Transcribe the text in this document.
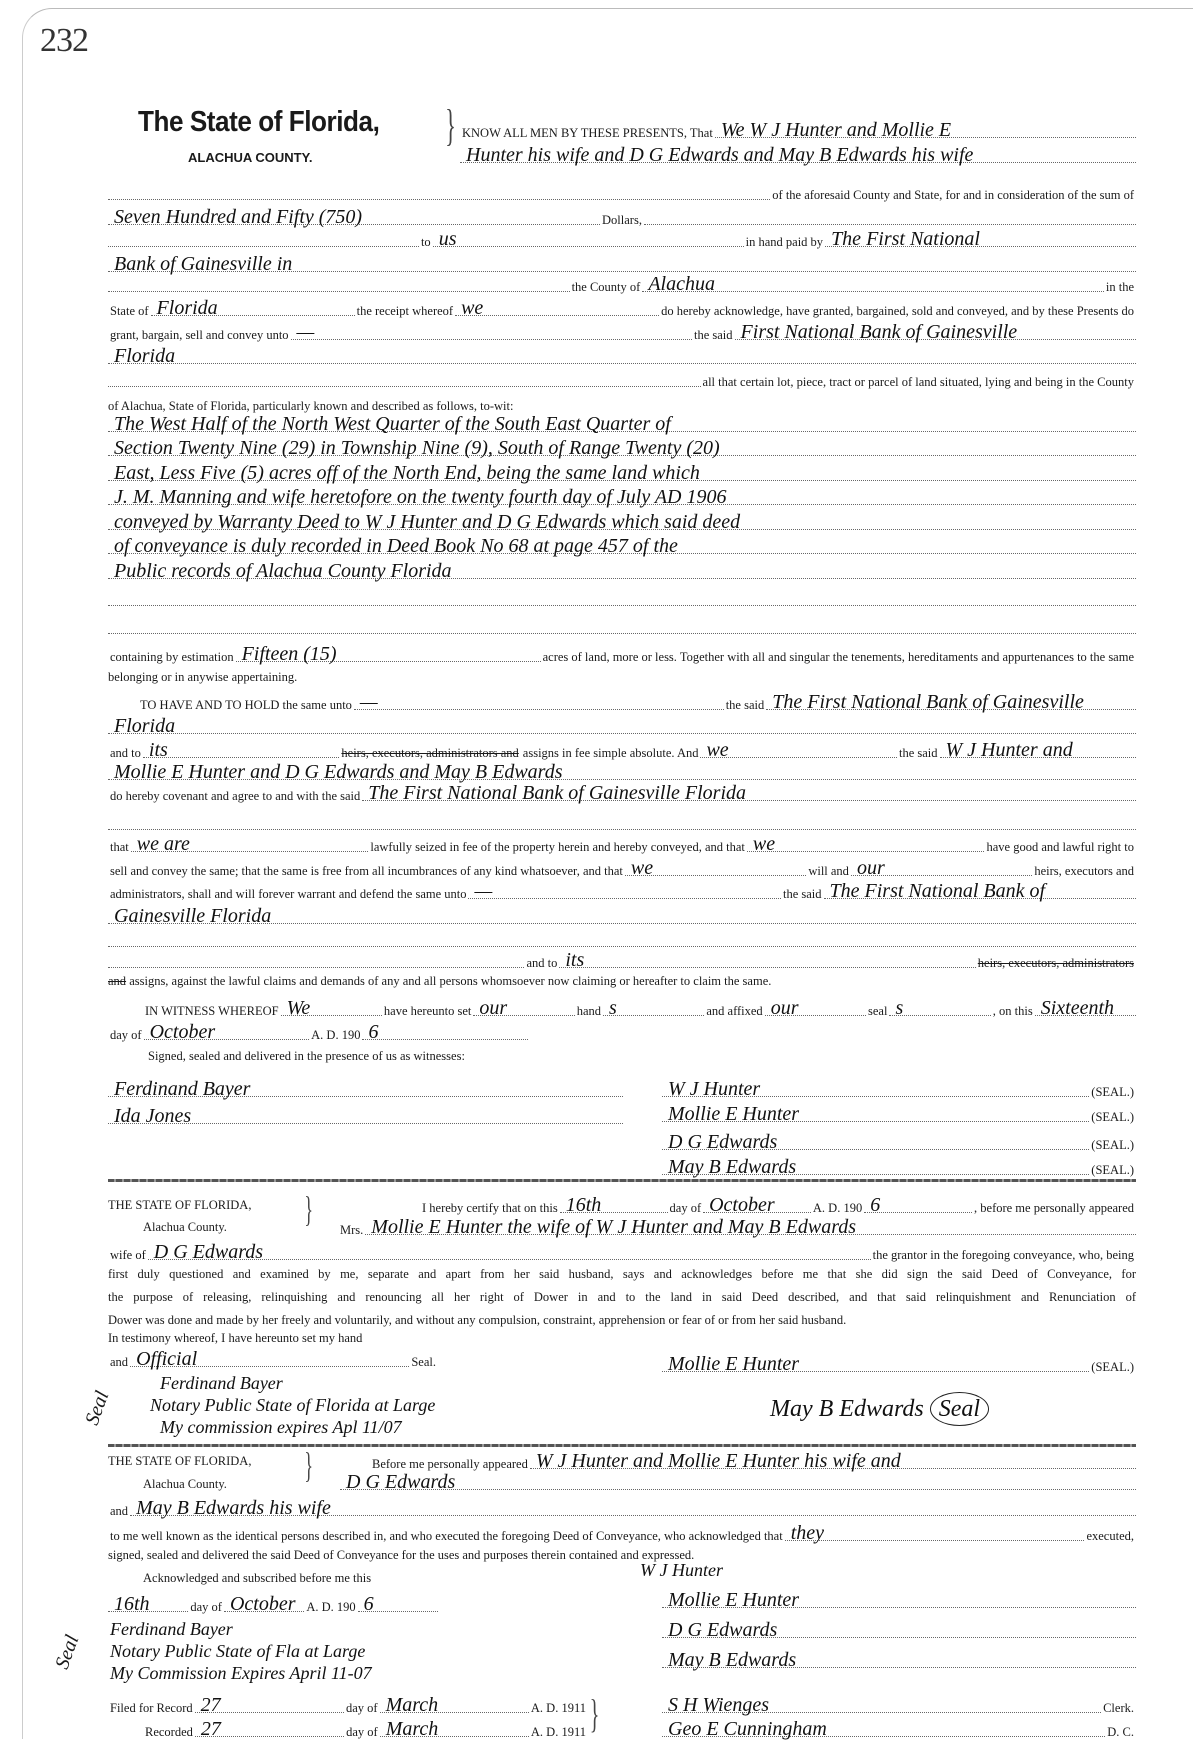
232
The State of Florida,
ALACHUA COUNTY.
} KNOW ALL MEN BY THESE PRESENTS, That We W J Hunter and Mollie E
Hunter his wife and D G Edwards and May B Edwards his wife
of the aforesaid County and State, for and in consideration of the sum of
Seven Hundred and Fifty (750)	Dollars,
to us	in hand paid by The First National
Bank of Gainesville in
the County of Alachua	in the
State of Florida	the receipt whereof we	do hereby acknowledge, have granted, bargained, sold and conveyed, and by these Presents do
grant, bargain, sell and convey unto —	the said First National Bank of Gainesville
Florida
all that certain lot, piece, tract or parcel of land situated, lying and being in the County
The West Half of the North West Quarter of the South East Quarter of
Section Twenty Nine (29) in Township Nine (9), South of Range Twenty (20)
East, Less Five (5) acres off of the North End, being the same land which
J. M. Manning and wife heretofore on the twenty fourth day of July AD 1906
conveyed by Warranty Deed to W J Hunter and D G Edwards which said deed
of conveyance is duly recorded in Deed Book No 68 at page 457 of the
Public records of Alachua County Florida
containing by estimation Fifteen (15)	acres of land, more or less. Together with all and singular the tenements, hereditaments and appurtenances to the same
TO HAVE AND TO HOLD the same unto —	the said The First National Bank of Gainesville
Florida
and to its	heirs, executors, administrators and assigns in fee simple absolute. And we	the said W J Hunter and
Mollie E Hunter and D G Edwards and May B Edwards
do hereby covenant and agree to and with the said The First National Bank of Gainesville Florida
that we are	lawfully seized in fee of the property herein and hereby conveyed, and that we	have good and lawful right to
sell and convey the same; that the same is free from all incumbrances of any kind whatsoever, and that we	will and our	heirs, executors and
administrators, shall and will forever warrant and defend the same unto —	the said The First National Bank of
Gainesville Florida
and to its	heirs, executors, administrators
IN WITNESS WHEREOF We	have hereunto set our	hand s	and affixed our	seal s	, on this Sixteenth
day of October	A. D. 190 6
Ferdinand Bayer
Ida Jones
W J Hunter	(SEAL.)
Mollie E Hunter	(SEAL.)
D G Edwards	(SEAL.)
May B Edwards	(SEAL.)
I hereby certify that on this 16th	day of October	A. D. 190 6	, before me personally appeared
Mrs. Mollie E Hunter the wife of W J Hunter and May B Edwards
wife of D G Edwards	the grantor in the foregoing conveyance, who, being
and Official	Seal.	Mollie E Hunter	(SEAL.)
Before me personally appeared W J Hunter and Mollie E Hunter his wife and
D G Edwards
and May B Edwards his wife
to me well known as the identical persons described in, and who executed the foregoing Deed of Conveyance, who acknowledged that they	executed,
16th	day of October A. D. 190 6	Mollie E Hunter
D G Edwards
May B Edwards
Filed for Record 27	day of March	A. D. 1911
Recorded 27	day of March	A. D. 1911
S H Wienges	Clerk.
Geo E Cunningham	D. C.
of Alachua, State of Florida, particularly known and described as follows, to-wit:
belonging or in anywise appertaining.
and assigns, against the lawful claims and demands of any and all persons whomsoever now claiming or hereafter to claim the same.
Signed, sealed and delivered in the presence of us as witnesses:
THE STATE OF FLORIDA,
Alachua County. }
first duly questioned and examined by me, separate and apart from her said husband, says and acknowledges before me that she did sign the said Deed of Conveyance, for
the purpose of releasing, relinquishing and renouncing all her right of Dower in and to the land in said Deed described, and that said relinquishment and Renunciation of
Dower was done and made by her freely and voluntarily, and without any compulsion, constraint, apprehension or fear of or from her said husband.
In testimony whereof, I have hereunto set my hand
Ferdinand Bayer
Notary Public State of Florida at Large
My commission expires Apl 11/07
Seal	May B Edwards Seal
THE STATE OF FLORIDA,
Alachua County. }
signed, sealed and delivered the said Deed of Conveyance for the uses and purposes therein contained and expressed.
Acknowledged and subscribed before me this	W J Hunter
Ferdinand Bayer
Notary Public State of Fla at Large
My Commission Expires April 11-07
Seal
}
